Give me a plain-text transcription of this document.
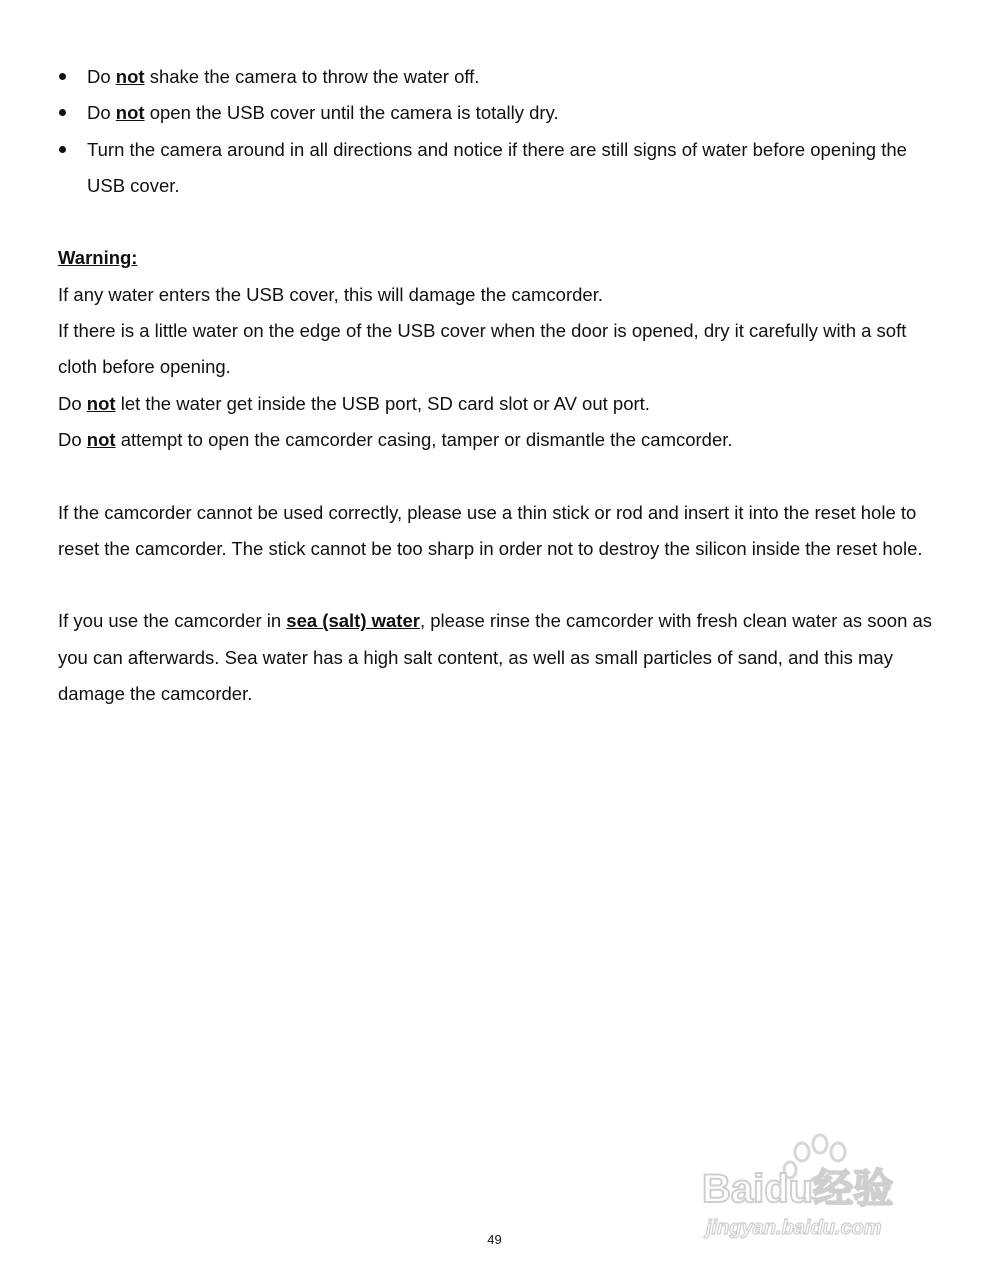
Do not shake the camera to throw the water off.
Do not open the USB cover until the camera is totally dry.
Turn the camera around in all directions and notice if there are still signs of water before opening the USB cover.

Warning:

If any water enters the USB cover, this will damage the camcorder.

If there is a little water on the edge of the USB cover when the door is opened, dry it carefully with a soft cloth before opening.

Do not let the water get inside the USB port, SD card slot or AV out port.

Do not attempt to open the camcorder casing, tamper or dismantle the camcorder.

If the camcorder cannot be used correctly, please use a thin stick or rod and insert it into the reset hole to reset the camcorder. The stick cannot be too sharp in order not to destroy the silicon inside the reset hole.

If you use the camcorder in sea (salt) water, please rinse the camcorder with fresh clean water as soon as you can afterwards. Sea water has a high salt content, as well as small particles of sand, and this may damage the camcorder.

Baidu经验
jingyan.baidu.com
49
